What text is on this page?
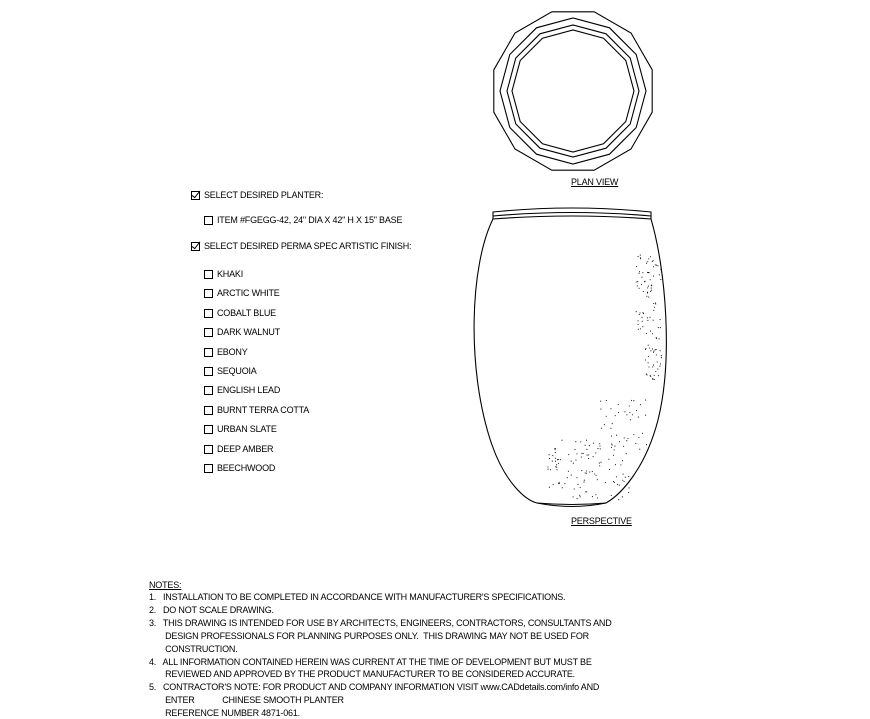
PLAN VIEW
PERSPECTIVE
SELECT DESIRED PLANTER:
ITEM #FGEGG-42, 24" DIA X 42" H X 15" BASE
SELECT DESIRED PERMA SPEC ARTISTIC FINISH:
KHAKI
ARCTIC WHITE
COBALT BLUE
DARK WALNUT
EBONY
SEQUOIA
ENGLISH LEAD
BURNT TERRA COTTA
URBAN SLATE
DEEP AMBER
BEECHWOOD
NOTES:
1.   INSTALLATION TO BE COMPLETED IN ACCORDANCE WITH MANUFACTURER'S SPECIFICATIONS.
2.   DO NOT SCALE DRAWING.
3.   THIS DRAWING IS INTENDED FOR USE BY ARCHITECTS, ENGINEERS, CONTRACTORS, CONSULTANTS AND
DESIGN PROFESSIONALS FOR PLANNING PURPOSES ONLY.  THIS DRAWING MAY NOT BE USED FOR
CONSTRUCTION.
4.   ALL INFORMATION CONTAINED HEREIN WAS CURRENT AT THE TIME OF DEVELOPMENT BUT MUST BE
REVIEWED AND APPROVED BY THE PRODUCT MANUFACTURER TO BE CONSIDERED ACCURATE.
5.   CONTRACTOR'S NOTE: FOR PRODUCT AND COMPANY INFORMATION VISIT www.CADdetails.com/info AND
ENTER            CHINESE SMOOTH PLANTER
REFERENCE NUMBER 4871-061.
